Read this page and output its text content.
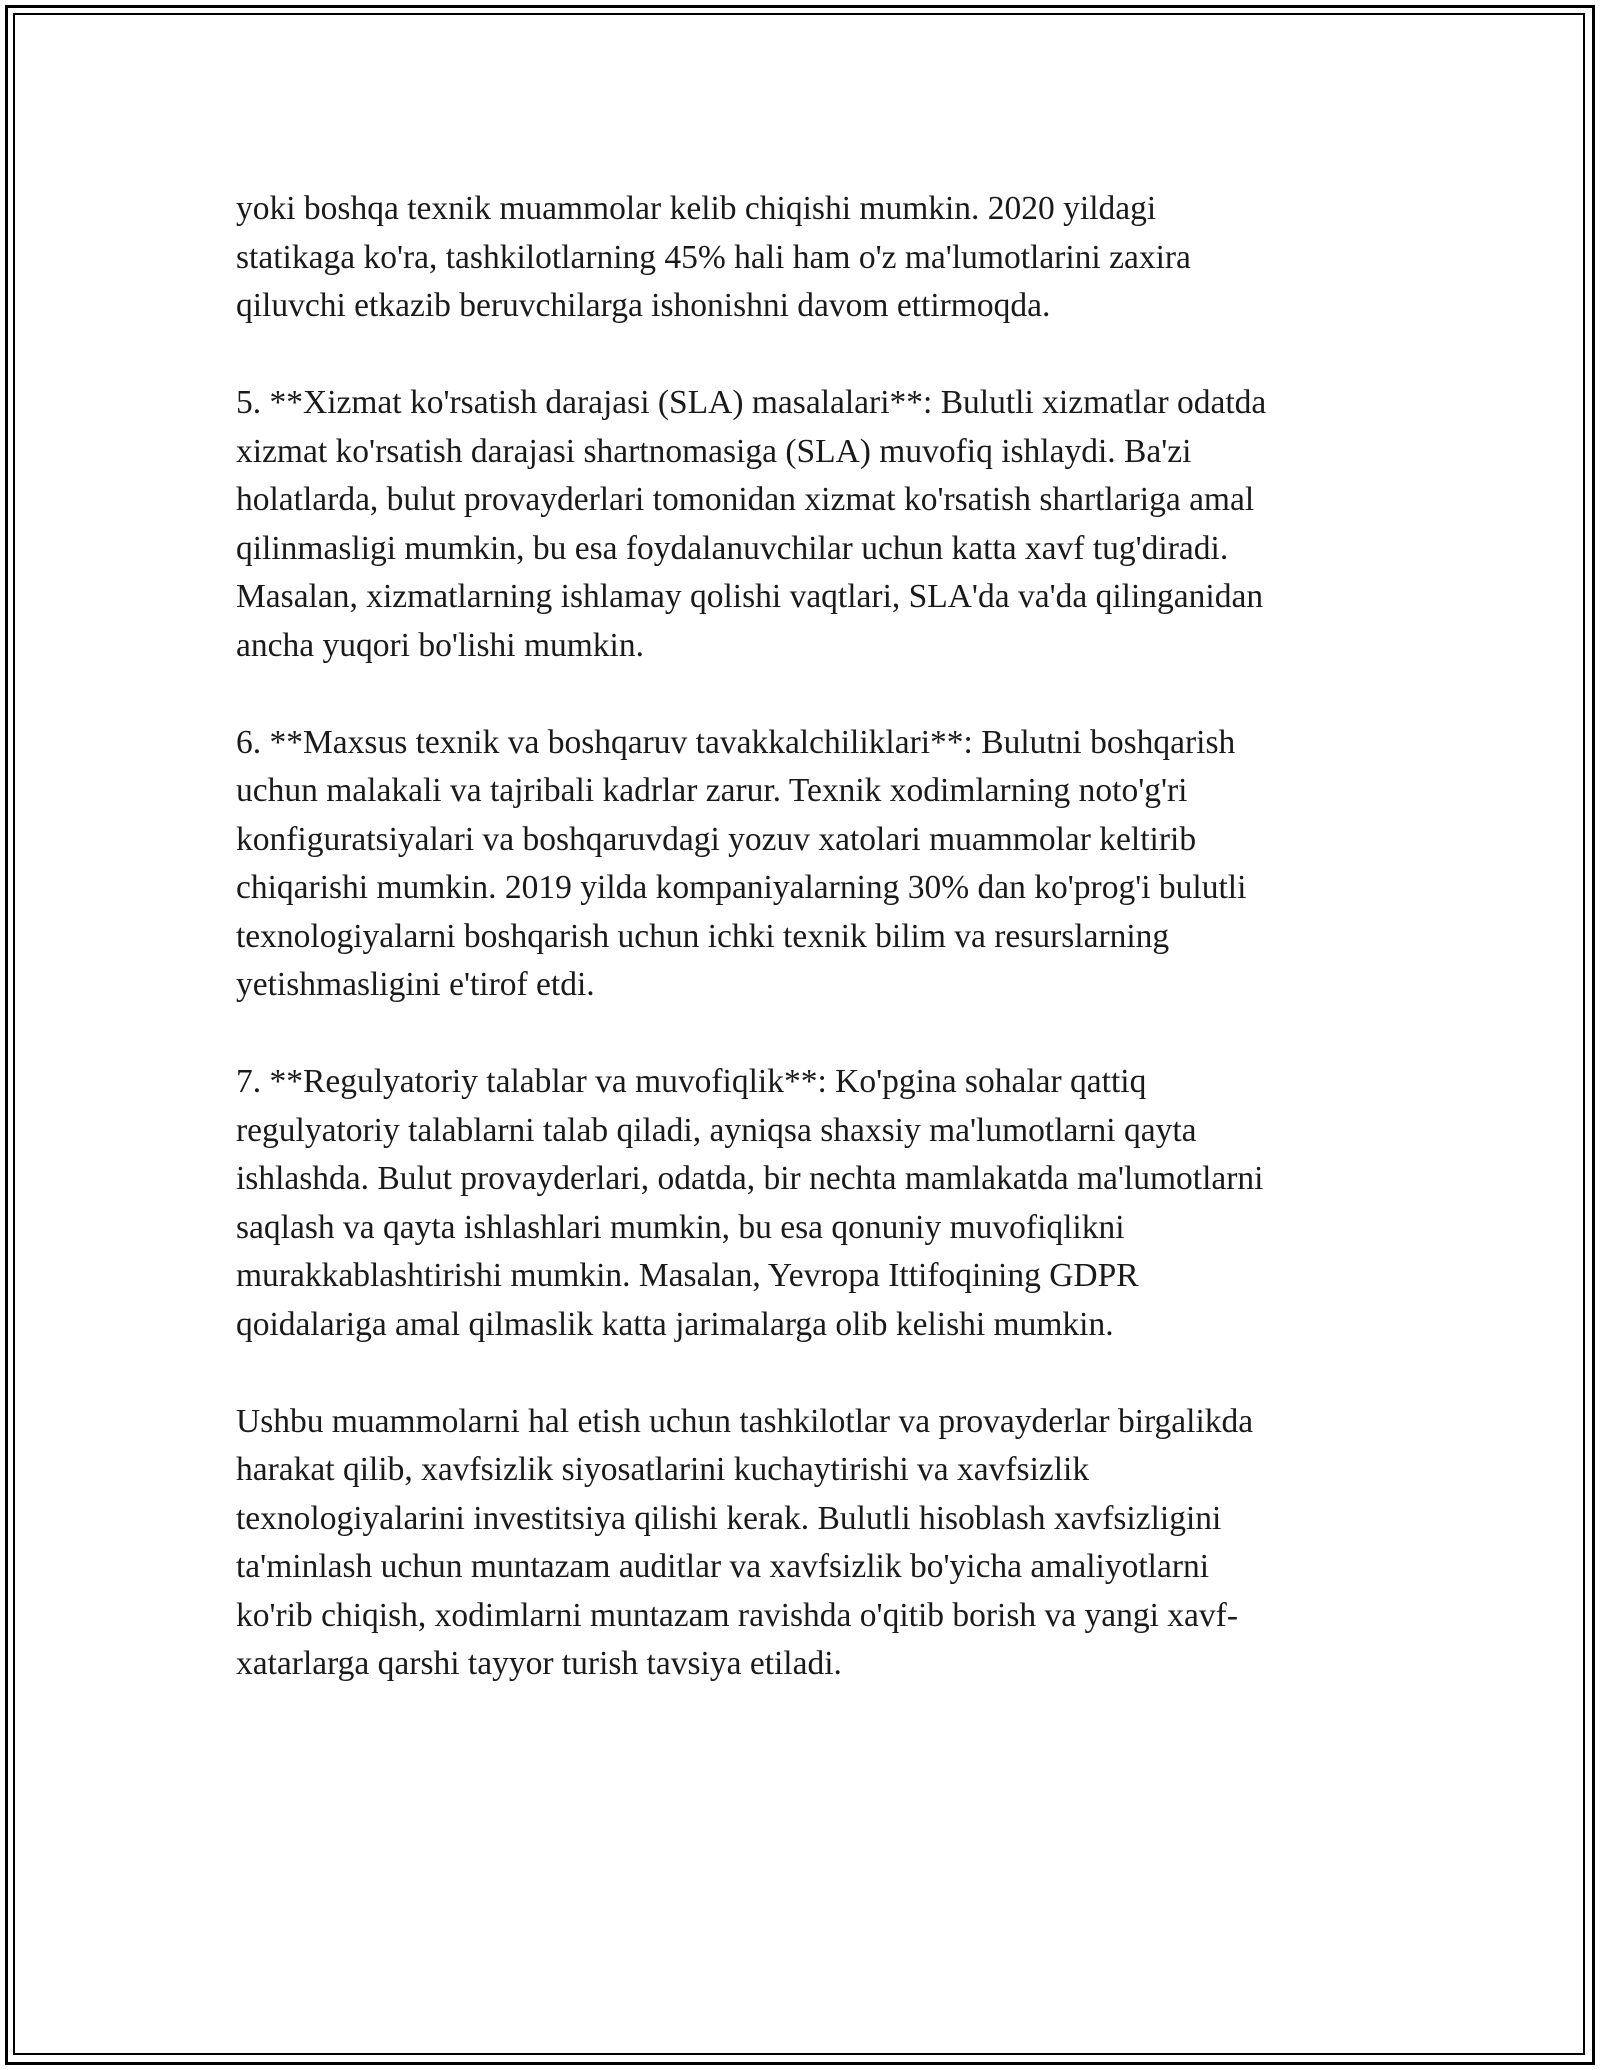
yoki boshqa texnik muammolar kelib chiqishi mumkin. 2020 yildagi
statikaga ko'ra, tashkilotlarning 45% hali ham o'z ma'lumotlarini zaxira
qiluvchi etkazib beruvchilarga ishonishni davom ettirmoqda.
5. **Xizmat ko'rsatish darajasi (SLA) masalalari**: Bulutli xizmatlar odatda
xizmat ko'rsatish darajasi shartnomasiga (SLA) muvofiq ishlaydi. Ba'zi
holatlarda, bulut provayderlari tomonidan xizmat ko'rsatish shartlariga amal
qilinmasligi mumkin, bu esa foydalanuvchilar uchun katta xavf tug'diradi.
Masalan, xizmatlarning ishlamay qolishi vaqtlari, SLA'da va'da qilinganidan
ancha yuqori bo'lishi mumkin.
6. **Maxsus texnik va boshqaruv tavakkalchiliklari**: Bulutni boshqarish
uchun malakali va tajribali kadrlar zarur. Texnik xodimlarning noto'g'ri
konfiguratsiyalari va boshqaruvdagi yozuv xatolari muammolar keltirib
chiqarishi mumkin. 2019 yilda kompaniyalarning 30% dan ko'prog'i bulutli
texnologiyalarni boshqarish uchun ichki texnik bilim va resurslarning
yetishmasligini e'tirof etdi.
7. **Regulyatoriy talablar va muvofiqlik**: Ko'pgina sohalar qattiq
regulyatoriy talablarni talab qiladi, ayniqsa shaxsiy ma'lumotlarni qayta
ishlashda. Bulut provayderlari, odatda, bir nechta mamlakatda ma'lumotlarni
saqlash va qayta ishlashlari mumkin, bu esa qonuniy muvofiqlikni
murakkablashtirishi mumkin. Masalan, Yevropa Ittifoqining GDPR
qoidalariga amal qilmaslik katta jarimalarga olib kelishi mumkin.
Ushbu muammolarni hal etish uchun tashkilotlar va provayderlar birgalikda
harakat qilib, xavfsizlik siyosatlarini kuchaytirishi va xavfsizlik
texnologiyalarini investitsiya qilishi kerak. Bulutli hisoblash xavfsizligini
ta'minlash uchun muntazam auditlar va xavfsizlik bo'yicha amaliyotlarni
ko'rib chiqish, xodimlarni muntazam ravishda o'qitib borish va yangi xavf-
xatarlarga qarshi tayyor turish tavsiya etiladi.
